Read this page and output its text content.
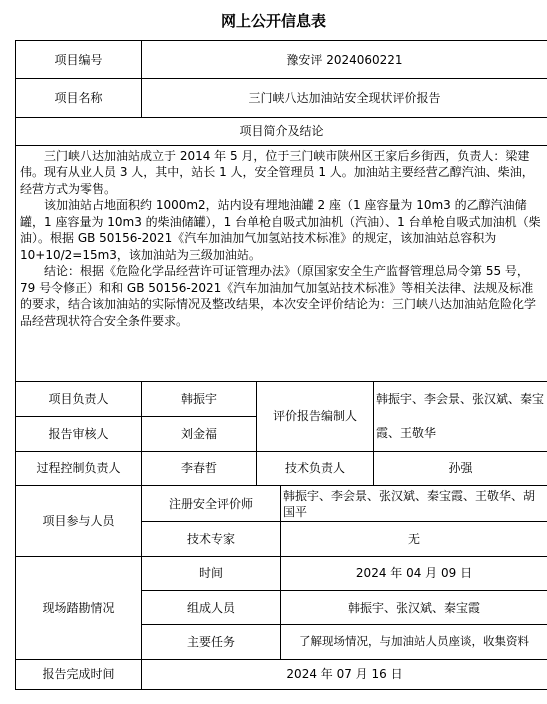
网上公开信息表
项目编号	豫安评 2024060221			
项目名称	三门峡八达加油站安全现状评价报告			
项目简介及结论				

三门峡八达加油站成立于 2014 年 5 月，位于三门峡市陕州区王家后乡街西，负责人：梁建伟。现有从业人员 3 人，其中，站长 1 人，安全管理员 1 人。加油站主要经营乙醇汽油、柴油，经营方式为零售。

该加油站占地面积约 1000m2，站内设有埋地油罐 2 座（1 座容量为 10m3 的乙醇汽油储罐，1 座容量为 10m3 的柴油储罐），1 台单枪自吸式加油机（汽油）、1 台单枪自吸式加油机（柴油）。根据 GB 50156-2021《汽车加油加气加氢站技术标准》的规定，该加油站总容积为 10+10/2=15m3，该加油站为三级加油站。

结论：根据《危险化学品经营许可证管理办法》（原国家安全生产监督管理总局令第 55 号，79 号令修正）和和 GB 50156-2021《汽车加油加气加氢站技术标准》等相关法律、法规及标准的要求，结合该加油站的实际情况及整改结果，本次安全评价结论为：三门峡八达加油站危险化学品经营现状符合安全条件要求。				

项目负责人	韩振宇	评价报告编制人		韩振宇、李会景、张汉斌、秦宝霞、王敬华
报告审核人	刘金福			
过程控制负责人	李春哲	技术负责人		孙强
项目参与人员	注册安全评价师		韩振宇、李会景、张汉斌、秦宝霞、王敬华、胡国平	
	技术专家		无	
现场踏勘情况	时间		2024 年 04 月 09 日	
	组成人员		韩振宇、张汉斌、秦宝霞	
	主要任务		了解现场情况，与加油站人员座谈，收集资料	
报告完成时间	2024 年 07 月 16 日			
